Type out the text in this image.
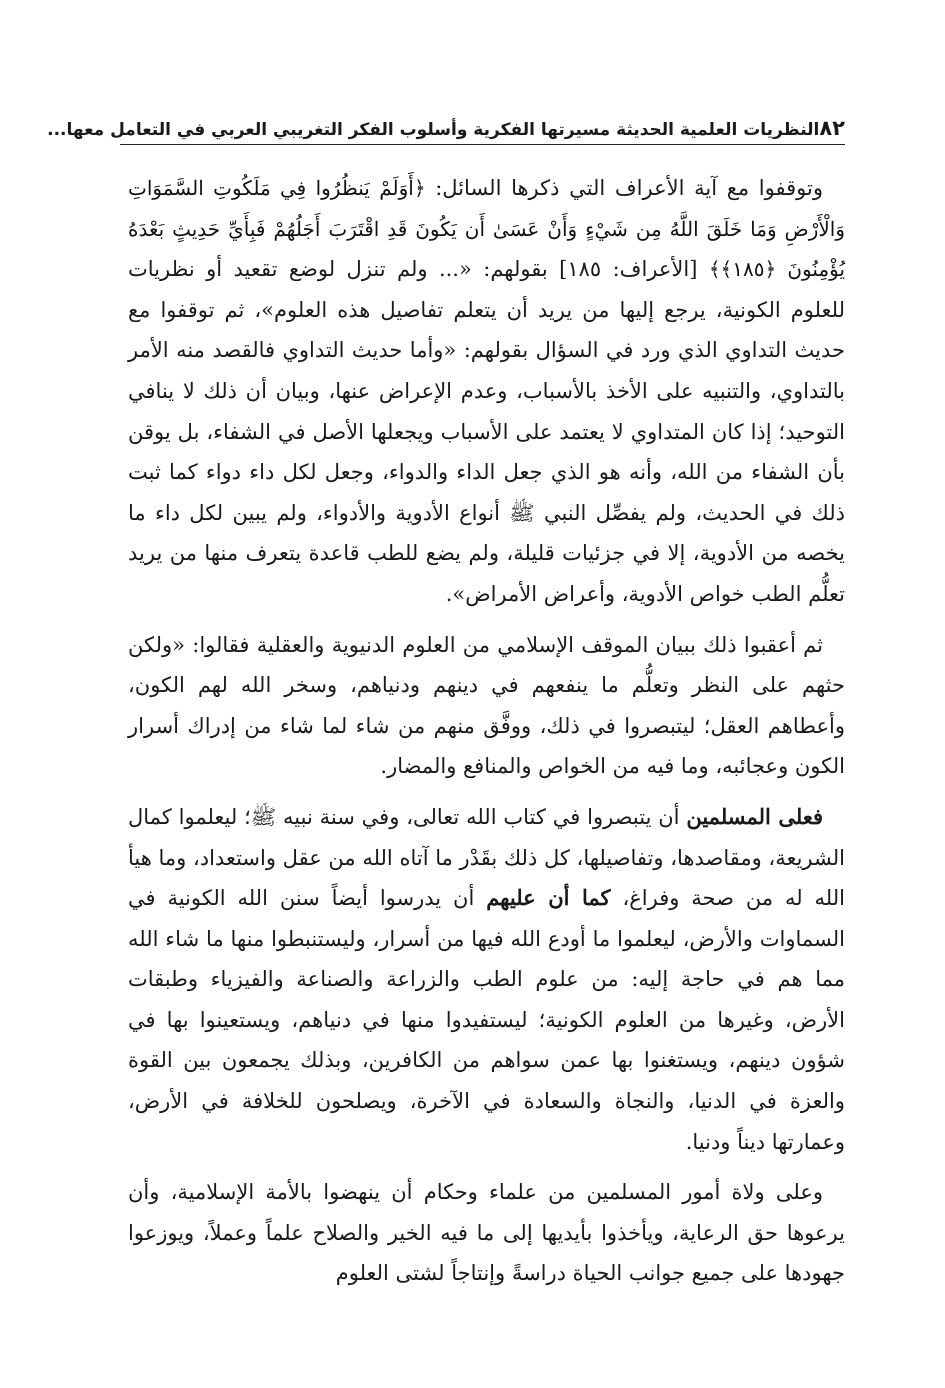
٨٢
النظريات العلمية الحديثة مسيرتها الفكرية وأسلوب الفكر التغريبي العربي في التعامل معها...

وتوقفوا مع آية الأعراف التي ذكرها السائل: ﴿أَوَلَمْ يَنظُرُوا فِي مَلَكُوتِ السَّمَوَاتِ وَالْأَرْضِ وَمَا خَلَقَ اللَّهُ مِن شَيْءٍ وَأَنْ عَسَىٰ أَن يَكُونَ قَدِ اقْتَرَبَ أَجَلُهُمْ فَبِأَيِّ حَدِيثٍ بَعْدَهُ يُؤْمِنُونَ ﴿١٨٥﴾﴾ [الأعراف: ١٨٥] بقولهم: «... ولم تنزل لوضع تقعيد أو نظريات للعلوم الكونية، يرجع إليها من يريد أن يتعلم تفاصيل هذه العلوم»، ثم توقفوا مع حديث التداوي الذي ورد في السؤال بقولهم: «وأما حديث التداوي فالقصد منه الأمر بالتداوي، والتنبيه على الأخذ بالأسباب، وعدم الإعراض عنها، وبيان أن ذلك لا ينافي التوحيد؛ إذا كان المتداوي لا يعتمد على الأسباب ويجعلها الأصل في الشفاء، بل يوقن بأن الشفاء من الله، وأنه هو الذي جعل الداء والدواء، وجعل لكل داء دواء كما ثبت ذلك في الحديث، ولم يفصِّل النبي ﷺ أنواع الأدوية والأدواء، ولم يبين لكل داء ما يخصه من الأدوية، إلا في جزئيات قليلة، ولم يضع للطب قاعدة يتعرف منها من يريد تعلُّم الطب خواص الأدوية، وأعراض الأمراض».

ثم أعقبوا ذلك ببيان الموقف الإسلامي من العلوم الدنيوية والعقلية فقالوا: «ولكن حثهم على النظر وتعلُّم ما ينفعهم في دينهم ودنياهم، وسخر الله لهم الكون، وأعطاهم العقل؛ ليتبصروا في ذلك، ووفَّق منهم من شاء لما شاء من إدراك أسرار الكون وعجائبه، وما فيه من الخواص والمنافع والمضار.

فعلى المسلمين أن يتبصروا في كتاب الله تعالى، وفي سنة نبيه ﷺ؛ ليعلموا كمال الشريعة، ومقاصدها، وتفاصيلها، كل ذلك بقَدْر ما آتاه الله من عقل واستعداد، وما هيأ الله له من صحة وفراغ، كما أن عليهم أن يدرسوا أيضاً سنن الله الكونية في السماوات والأرض، ليعلموا ما أودع الله فيها من أسرار، وليستنبطوا منها ما شاء الله مما هم في حاجة إليه: من علوم الطب والزراعة والصناعة والفيزياء وطبقات الأرض، وغيرها من العلوم الكونية؛ ليستفيدوا منها في دنياهم، ويستعينوا بها في شؤون دينهم، ويستغنوا بها عمن سواهم من الكافرين، وبذلك يجمعون بين القوة والعزة في الدنيا، والنجاة والسعادة في الآخرة، ويصلحون للخلافة في الأرض، وعمارتها ديناً ودنيا.

وعلى ولاة أمور المسلمين من علماء وحكام أن ينهضوا بالأمة الإسلامية، وأن يرعوها حق الرعاية، ويأخذوا بأيديها إلى ما فيه الخير والصلاح علماً وعملاً، ويوزعوا جهودها على جميع جوانب الحياة دراسةً وإنتاجاً لشتى العلوم
